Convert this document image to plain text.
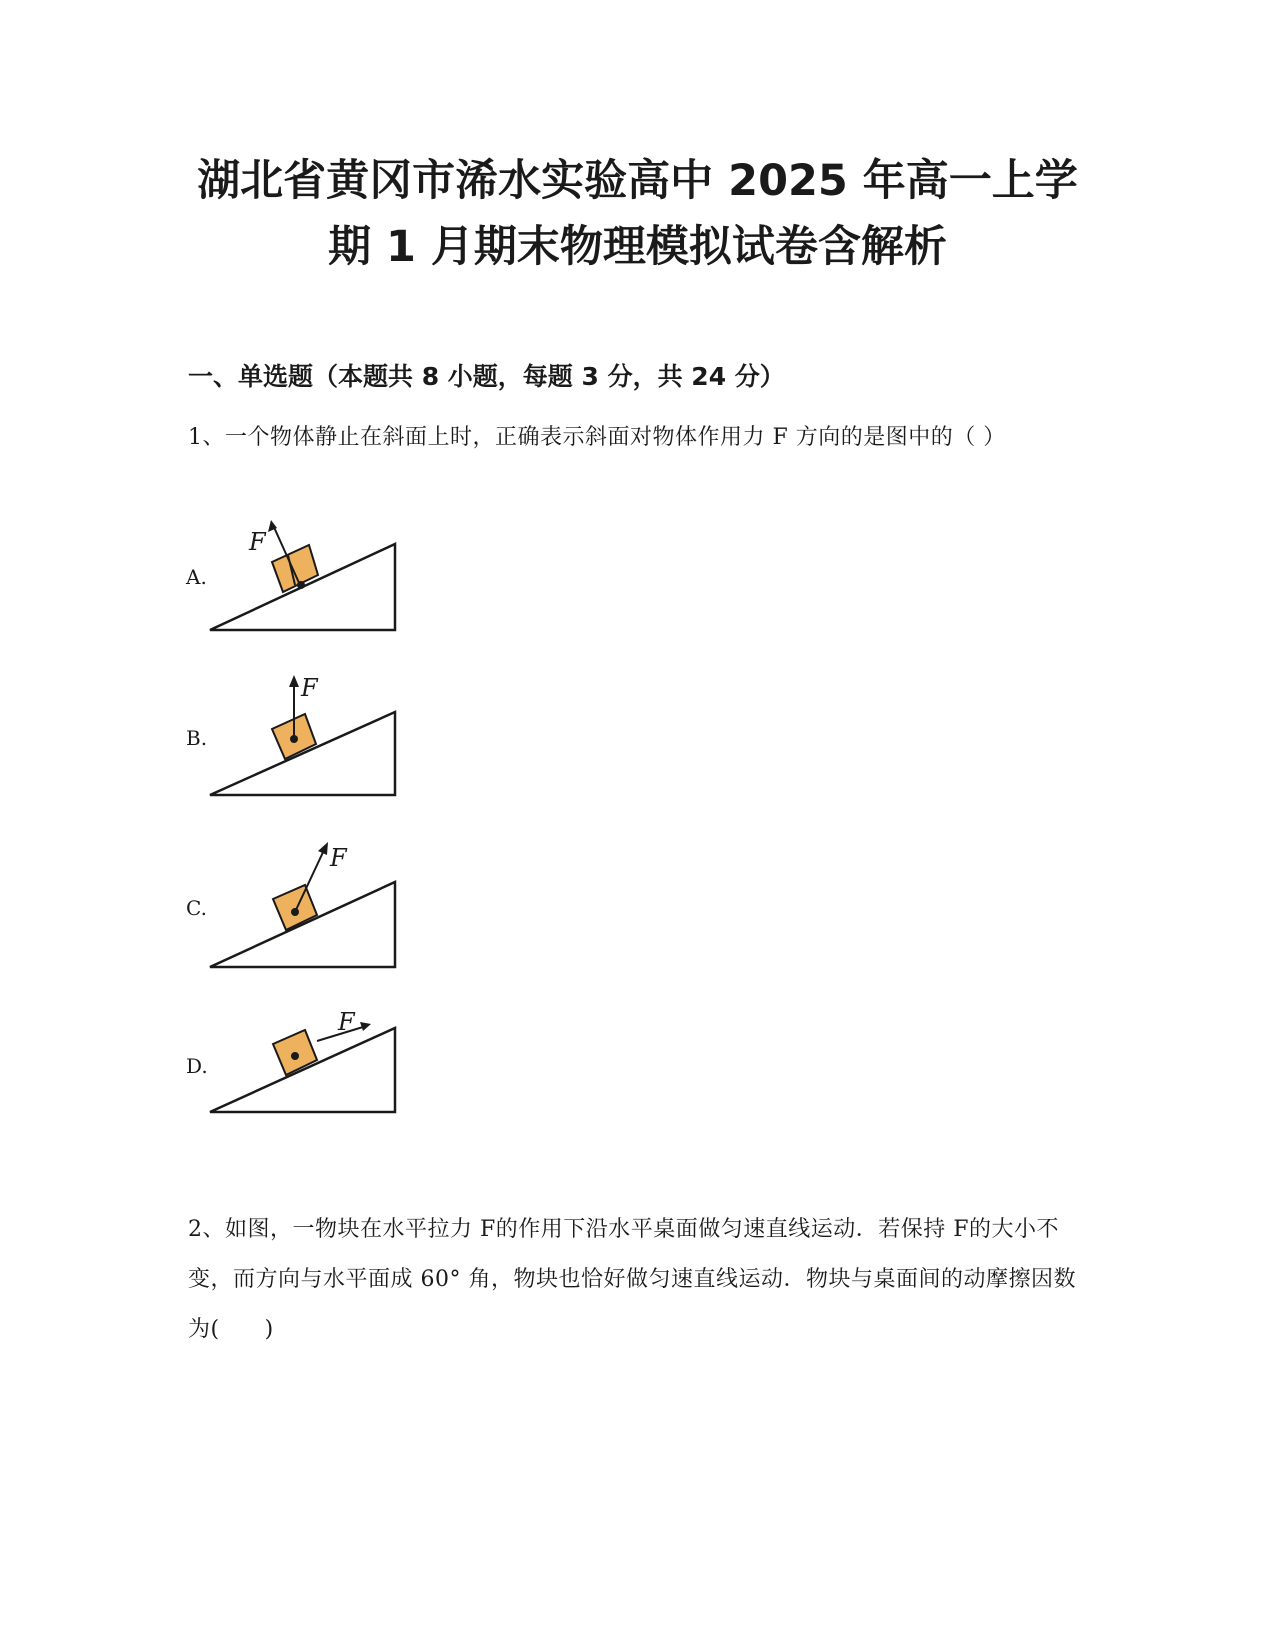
湖北省黄冈市浠水实验高中 2025 年高一上学
期 1 月期末物理模拟试卷含解析
一、单选题（本题共 8 小题，每题 3 分，共 24 分）

1、一个物体静止在斜面上时，正确表示斜面对物体作用力 F 方向的是图中的（ ）

A.
F
B.
F
C.
F
D.
F

2、如图，一物块在水平拉力 F的作用下沿水平桌面做匀速直线运动．若保持 F的大小不变，而方向与水平面成 60° 角，物块也恰好做匀速直线运动．物块与桌面间的动摩擦因数为(　　)
